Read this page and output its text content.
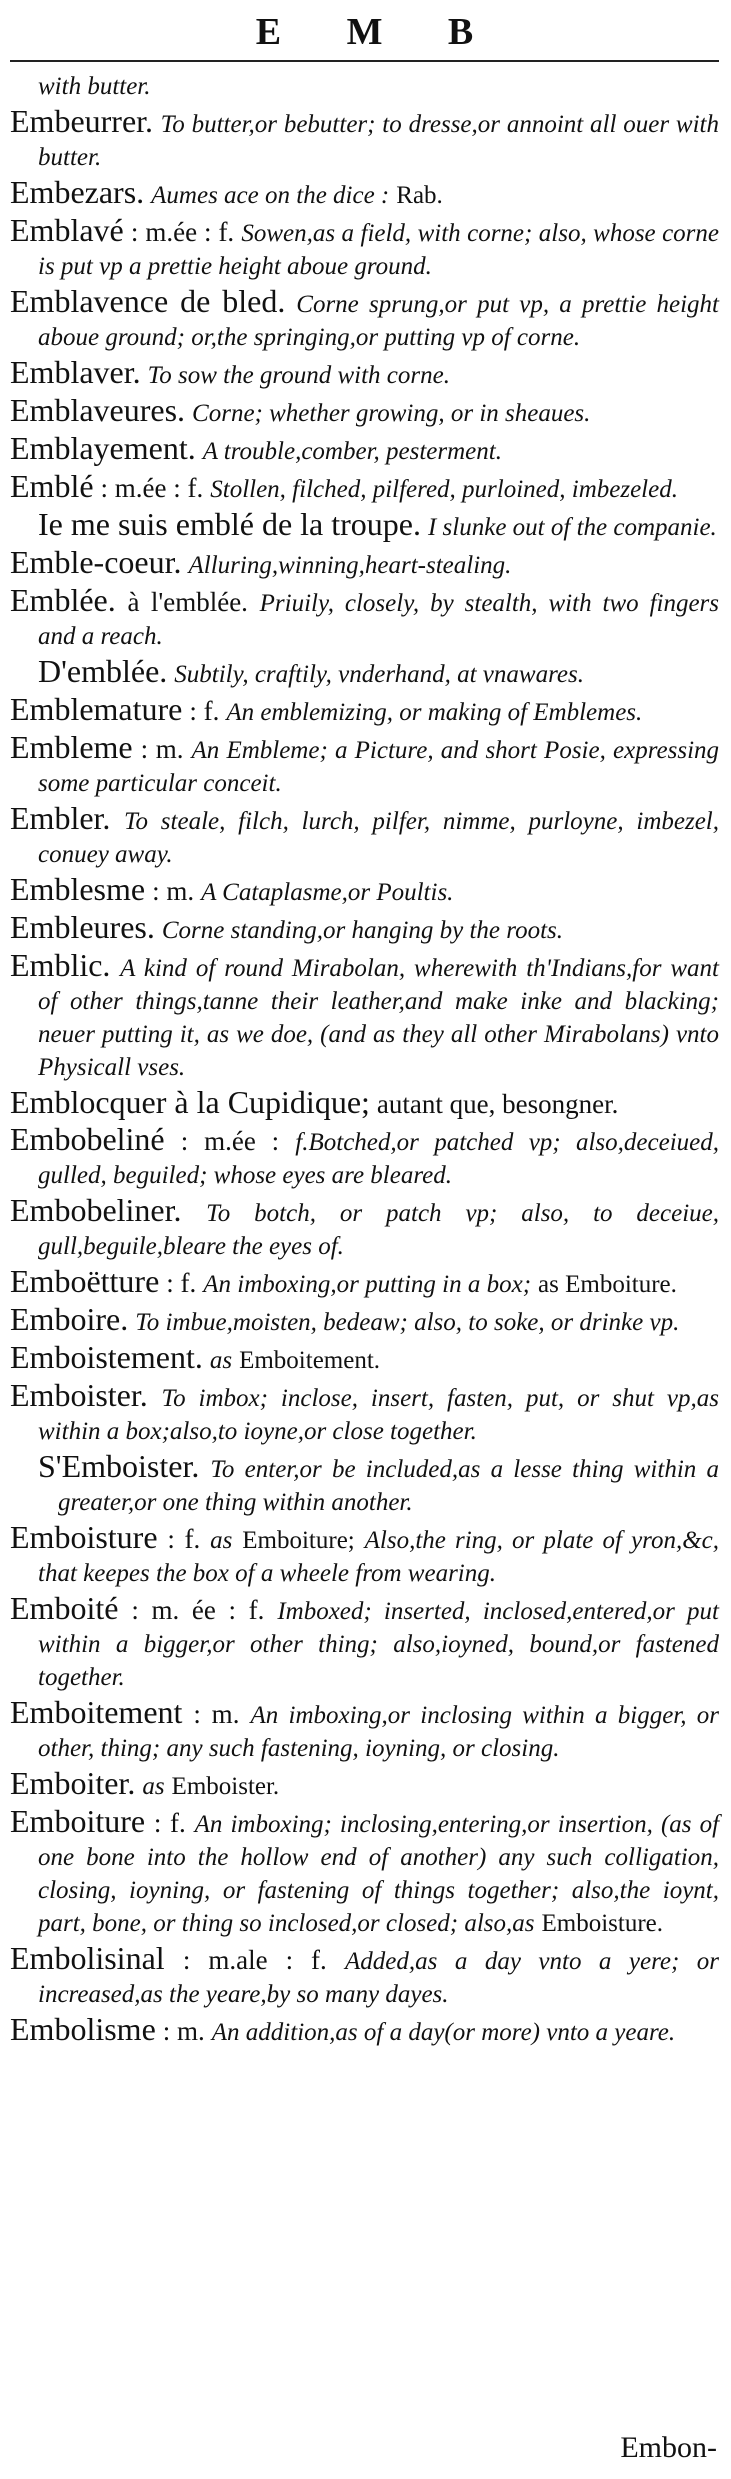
E M B
with butter.
Embeurrer. To butter,or bebutter; to dresse,or annoint all ouer with butter.
Embezars. Aumes ace on the dice : Rab.
Emblavé : m.ée : f. Sowen,as a field, with corne; also, whose corne is put vp a prettie height aboue ground.
Emblavence de bled. Corne sprung,or put vp, a prettie height aboue ground; or,the springing,or putting vp of corne.
Emblaver. To sow the ground with corne.
Emblaveures. Corne; whether growing, or in sheaues.
Emblayement. A trouble,comber, pesterment.
Emblé : m.ée : f. Stollen, filched, pilfered, purloined, imbezeled.
Ie me suis emblé de la troupe. I slunke out of the companie.
Emble-coeur. Alluring,winning,heart-stealing.
Emblée. à l'emblée. Priuily, closely, by stealth, with two fingers and a reach.
D'emblée. Subtily, craftily, vnderhand, at vnawares.
Emblemature : f. An emblemizing, or making of Emblemes.
Embleme : m. An Embleme; a Picture, and short Posie, expressing some particular conceit.
Embler. To steale, filch, lurch, pilfer, nimme, purloyne, imbezel, conuey away.
Emblesme : m. A Cataplasme,or Poultis.
Embleures. Corne standing,or hanging by the roots.
Emblic. A kind of round Mirabolan, wherewith th'Indians,for want of other things,tanne their leather,and make inke and blacking; neuer putting it, as we doe, (and as they all other Mirabolans) vnto Physicall vses.
Emblocquer à la Cupidique; autant que, besongner.
Embobeliné : m.ée : f.Botched,or patched vp; also,deceiued, gulled, beguiled; whose eyes are bleared.
Embobeliner. To botch, or patch vp; also, to deceiue, gull,beguile,bleare the eyes of.
Emboëtture : f. An imboxing,or putting in a box; as Emboiture.
Emboire. To imbue,moisten, bedeaw; also, to soke, or drinke vp.
Emboistement. as Emboitement.
Emboister. To imbox; inclose, insert, fasten, put, or shut vp,as within a box;also,to ioyne,or close together.
S'Emboister. To enter,or be included,as a lesse thing within a greater,or one thing within another.
Emboisture : f. as Emboiture; Also,the ring, or plate of yron,&c, that keepes the box of a wheele from wearing.
Emboité : m. ée : f. Imboxed; inserted, inclosed,entered,or put within a bigger,or other thing; also,ioyned, bound,or fastened together.
Emboitement : m. An imboxing,or inclosing within a bigger, or other, thing; any such fastening, ioyning, or closing.
Emboiter. as Emboister.
Emboiture : f. An imboxing; inclosing,entering,or insertion, (as of one bone into the hollow end of another) any such colligation, closing, ioyning, or fastening of things together; also,the ioynt, part, bone, or thing so inclosed,or closed; also,as Emboisture.
Embolisinal : m.ale : f. Added,as a day vnto a yere; or increased,as the yeare,by so many dayes.
Embolisme : m. An addition,as of a day(or more) vnto a yeare.
Embon-
